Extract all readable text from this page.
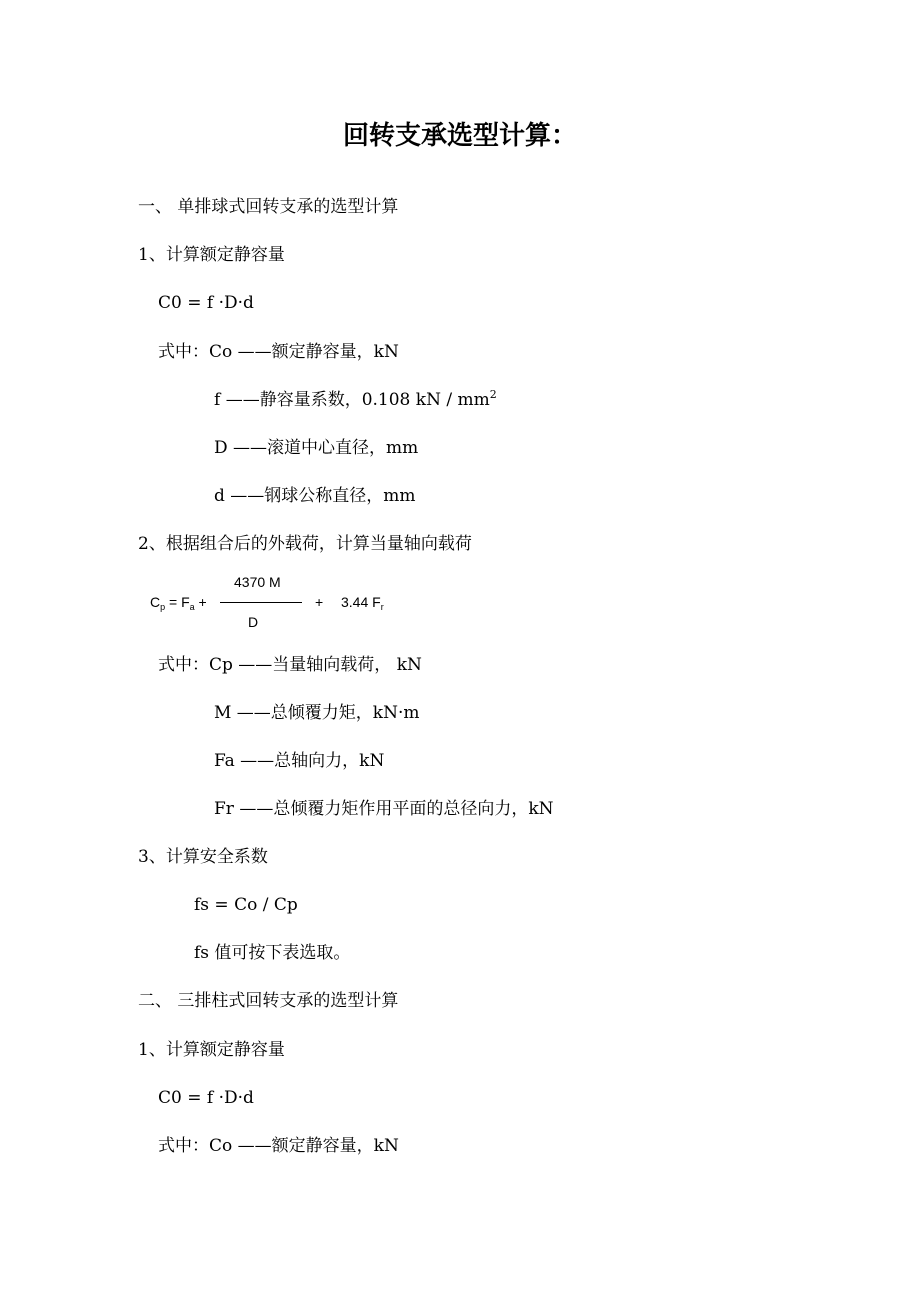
回转支承选型计算：
一、 单排球式回转支承的选型计算
1、计算额定静容量
C0 = f ·D·d
式中：Co ——额定静容量，kN
f ——静容量系数，0.108 kN / $mm^2$
D ——滚道中心直径，mm
d ——钢球公称直径，mm
2、根据组合后的外载荷，计算当量轴向载荷
$C_p = F_a$ +
4370 M
D
+ 3.44 $F_r$
式中：Cp ——当量轴向载荷， kN
M ——总倾覆力矩，kN·m
Fa ——总轴向力，kN
Fr ——总倾覆力矩作用平面的总径向力，kN
3、计算安全系数
fs = Co / Cp
fs 值可按下表选取。
二、 三排柱式回转支承的选型计算
1、计算额定静容量
C0 = f ·D·d
式中：Co ——额定静容量，kN
